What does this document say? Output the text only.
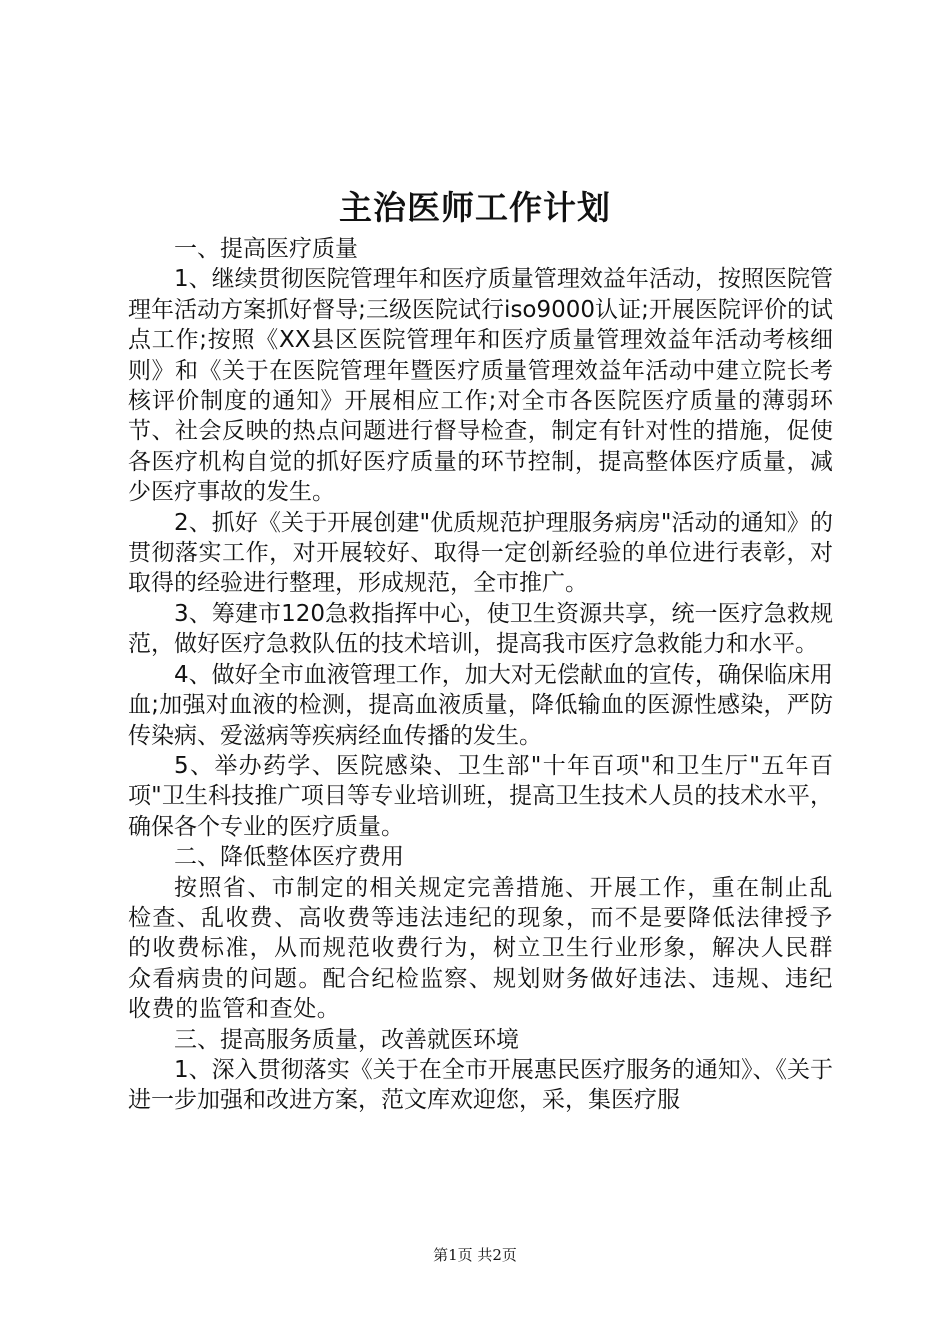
主治医师工作计划

一、提高医疗质量

1、继续贯彻医院管理年和医疗质量管理效益年活动，按照医院管理年活动方案抓好督导;三级医院试行iso9000认证;开展医院评价的试点工作;按照《XX县区医院管理年和医疗质量管理效益年活动考核细则》和《关于在医院管理年暨医疗质量管理效益年活动中建立院长考核评价制度的通知》开展相应工作;对全市各医院医疗质量的薄弱环节、社会反映的热点问题进行督导检查，制定有针对性的措施，促使各医疗机构自觉的抓好医疗质量的环节控制，提高整体医疗质量，减少医疗事故的发生。

2、抓好《关于开展创建"优质规范护理服务病房"活动的通知》的贯彻落实工作，对开展较好、取得一定创新经验的单位进行表彰，对取得的经验进行整理，形成规范，全市推广。

3、筹建市120急救指挥中心，使卫生资源共享，统一医疗急救规范，做好医疗急救队伍的技术培训，提高我市医疗急救能力和水平。

4、做好全市血液管理工作，加大对无偿献血的宣传，确保临床用血;加强对血液的检测，提高血液质量，降低输血的医源性感染，严防传染病、爱滋病等疾病经血传播的发生。

5、举办药学、医院感染、卫生部"十年百项"和卫生厅"五年百项"卫生科技推广项目等专业培训班，提高卫生技术人员的技术水平，确保各个专业的医疗质量。

二、降低整体医疗费用

按照省、市制定的相关规定完善措施、开展工作，重在制止乱检查、乱收费、高收费等违法违纪的现象，而不是要降低法律授予的收费标准，从而规范收费行为，树立卫生行业形象，解决人民群众看病贵的问题。配合纪检监察、规划财务做好违法、违规、违纪收费的监管和查处。

三、提高服务质量，改善就医环境

1、深入贯彻落实《关于在全市开展惠民医疗服务的通知》、《关于进一步加强和改进方案，范文库欢迎您，采，集医疗服

第1页 共2页
